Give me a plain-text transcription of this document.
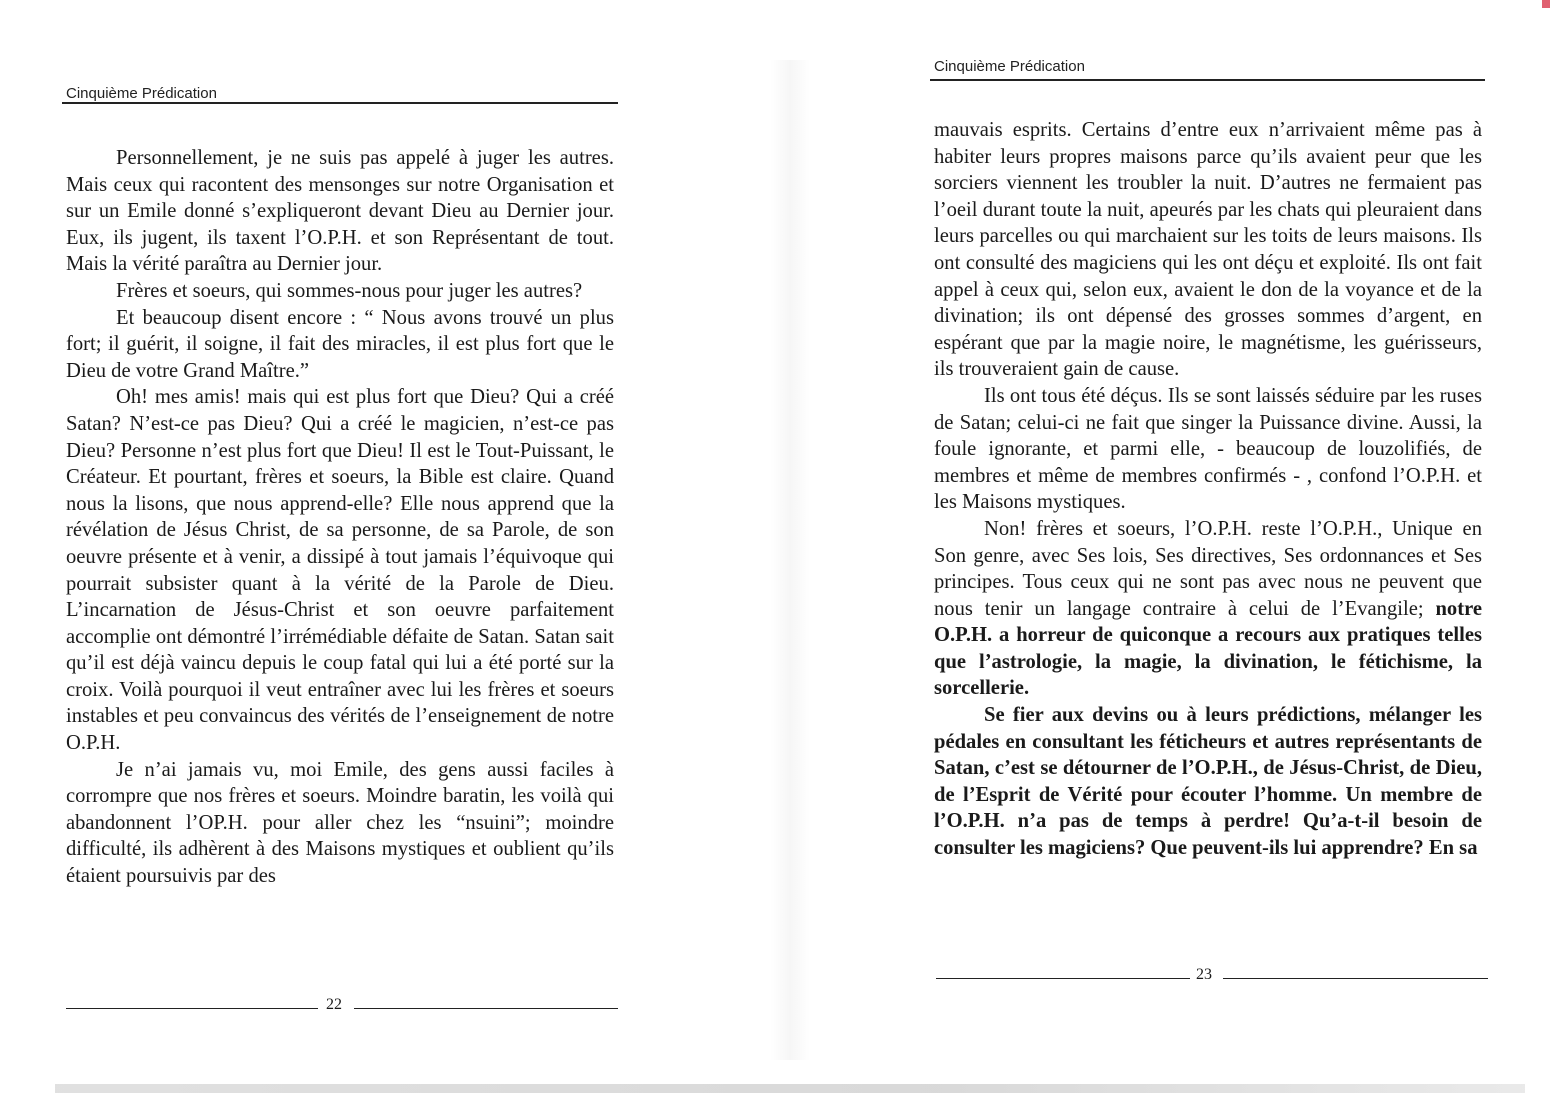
Cinquième Prédication

Personnellement, je ne suis pas appelé à juger les autres. Mais ceux qui racontent des mensonges sur notre Organisation et sur un Emile donné s’expliqueront devant Dieu au Dernier jour. Eux, ils jugent, ils taxent l’O.P.H. et son Représentant de tout. Mais la vérité paraîtra au Dernier jour.

Frères et soeurs, qui sommes-nous pour juger les autres?

Et beaucoup disent encore : “ Nous avons trouvé un plus fort; il guérit, il soigne, il fait des miracles, il est plus fort que le Dieu de votre Grand Maître.”

Oh! mes amis! mais qui est plus fort que Dieu? Qui a créé Satan? N’est-ce pas Dieu? Qui a créé le magicien, n’est-ce pas Dieu? Personne n’est plus fort que Dieu! Il est le Tout-Puissant, le Créateur. Et pourtant, frères et soeurs, la Bible est claire. Quand nous la lisons, que nous apprend-elle? Elle nous apprend que la révélation de Jésus Christ, de sa personne, de sa Parole, de son oeuvre présente et à venir, a dissipé à tout jamais l’équivoque qui pourrait subsister quant à la vérité de la Parole de Dieu. L’incarnation de Jésus-Christ et son oeuvre parfaitement accomplie ont démontré l’irrémédiable défaite de Satan. Satan sait qu’il est déjà vaincu depuis le coup fatal qui lui a été porté sur la croix. Voilà pourquoi il veut entraîner avec lui les frères et soeurs instables et peu convaincus des vérités de l’enseignement de notre O.P.H.

Je n’ai jamais vu, moi Emile, des gens aussi faciles à corrompre que nos frères et soeurs. Moindre baratin, les voilà qui abandonnent l’OP.H. pour aller chez les “nsuini”; moindre difficulté, ils adhèrent à des Maisons mystiques et oublient qu’ils étaient poursuivis par des

22
Cinquième Prédication

mauvais esprits. Certains d’entre eux n’arrivaient même pas à habiter leurs propres maisons parce qu’ils avaient peur que les sorciers viennent les troubler la nuit. D’autres ne fermaient pas l’oeil durant toute la nuit, apeurés par les chats qui pleuraient dans leurs parcelles ou qui marchaient sur les toits de leurs maisons. Ils ont consulté des magiciens qui les ont déçu et exploité. Ils ont fait appel à ceux qui, selon eux, avaient le don de la voyance et de la divination; ils ont dépensé des grosses sommes d’argent, en espérant que par la magie noire, le magnétisme, les guérisseurs, ils trouveraient gain de cause.

Ils ont tous été déçus. Ils se sont laissés séduire par les ruses de Satan; celui-ci ne fait que singer la Puissance divine. Aussi, la foule ignorante, et parmi elle, - beaucoup de louzolifiés, de membres et même de membres confirmés - , confond l’O.P.H. et les Maisons mystiques.

Non! frères et soeurs, l’O.P.H. reste l’O.P.H., Unique en Son genre, avec Ses lois, Ses directives, Ses ordonnances et Ses principes. Tous ceux qui ne sont pas avec nous ne peuvent que nous tenir un langage contraire à celui de l’Evangile; notre O.P.H. a horreur de quiconque a recours aux pratiques telles que l’astrologie, la magie, la divination, le fétichisme, la sorcellerie.

Se fier aux devins ou à leurs prédictions, mélanger les pédales en consultant les féticheurs et autres représentants de Satan, c’est se détourner de l’O.P.H., de Jésus-Christ, de Dieu, de l’Esprit de Vérité pour écouter l’homme. Un membre de l’O.P.H. n’a pas de temps à perdre! Qu’a-t-il besoin de consulter les magiciens? Que peuvent-ils lui apprendre? En sa

23
